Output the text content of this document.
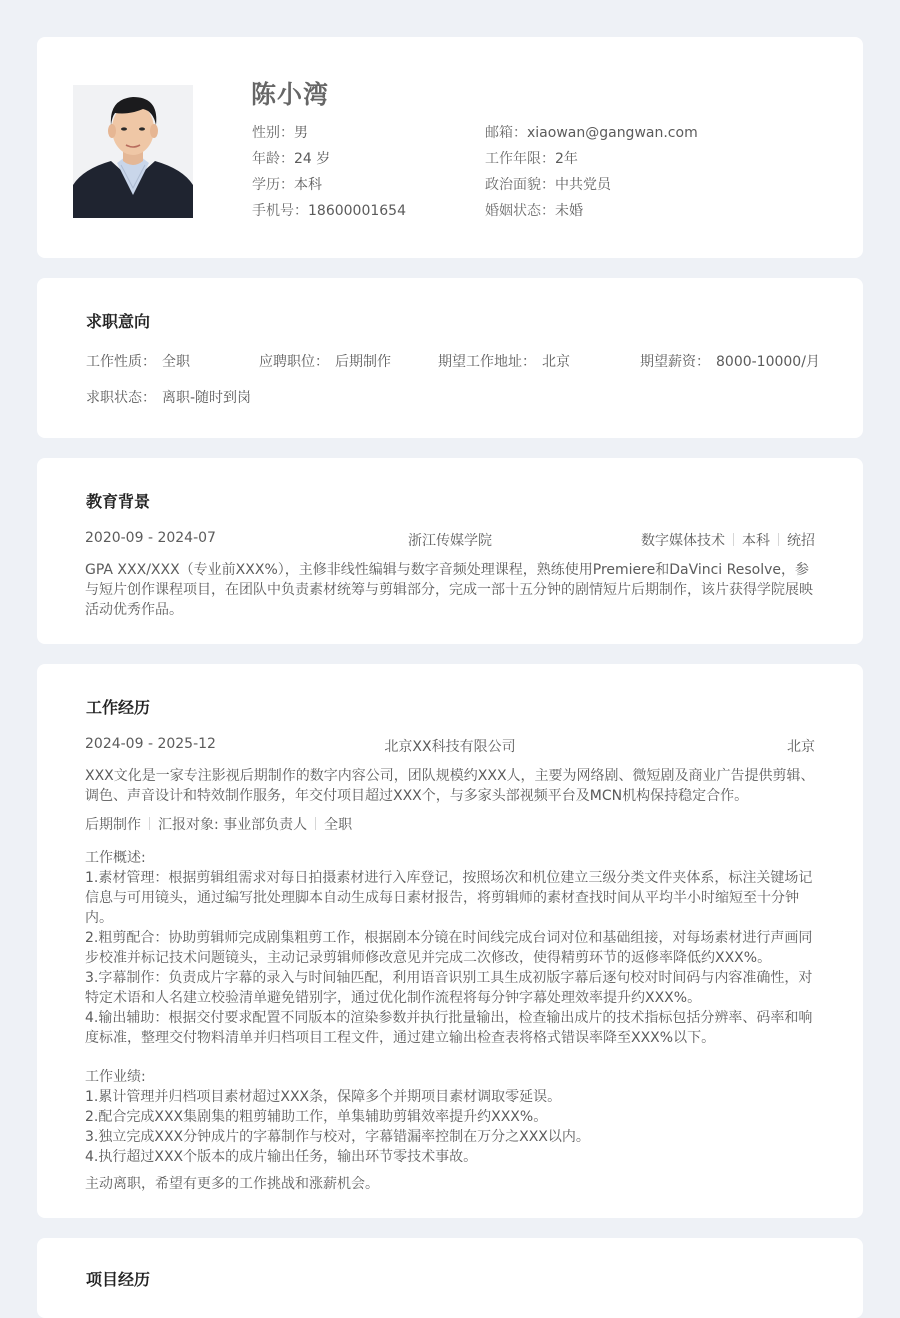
陈小湾
性别：男
年龄：24 岁
学历：本科
手机号：18600001654
邮箱：xiaowan@gangwan.com
工作年限：2年
政治面貌：中共党员
婚姻状态：未婚
求职意向
工作性质： 全职	应聘职位： 后期制作	期望工作地址： 北京	期望薪资： 8000-10000/月
求职状态： 离职-随时到岗
教育背景
2020-09 - 2024-07	浙江传媒学院	数字媒体技术 本科 统招
GPA XXX/XXX（专业前XXX%），主修非线性编辑与数字音频处理课程，熟练使用Premiere和DaVinci Resolve，参与短片创作课程项目，在团队中负责素材统筹与剪辑部分，完成一部十五分钟的剧情短片后期制作，该片获得学院展映活动优秀作品。
工作经历
2024-09 - 2025-12	北京XX科技有限公司	北京
XXX文化是一家专注影视后期制作的数字内容公司，团队规模约XXX人，主要为网络剧、微短剧及商业广告提供剪辑、调色、声音设计和特效制作服务，年交付项目超过XXX个，与多家头部视频平台及MCN机构保持稳定合作。
后期制作 汇报对象: 事业部负责人 全职
工作概述:
1.素材管理：根据剪辑组需求对每日拍摄素材进行入库登记，按照场次和机位建立三级分类文件夹体系，标注关键场记信息与可用镜头，通过编写批处理脚本自动生成每日素材报告，将剪辑师的素材查找时间从平均半小时缩短至十分钟内。
2.粗剪配合：协助剪辑师完成剧集粗剪工作，根据剧本分镜在时间线完成台词对位和基础组接，对每场素材进行声画同步校准并标记技术问题镜头，主动记录剪辑师修改意见并完成二次修改，使得精剪环节的返修率降低约XXX%。
3.字幕制作：负责成片字幕的录入与时间轴匹配，利用语音识别工具生成初版字幕后逐句校对时间码与内容准确性，对特定术语和人名建立校验清单避免错别字，通过优化制作流程将每分钟字幕处理效率提升约XXX%。
4.输出辅助：根据交付要求配置不同版本的渲染参数并执行批量输出，检查输出成片的技术指标包括分辨率、码率和响度标准，整理交付物料清单并归档项目工程文件，通过建立输出检查表将格式错误率降至XXX%以下。
工作业绩:
1.累计管理并归档项目素材超过XXX条，保障多个并期项目素材调取零延误。
2.配合完成XXX集剧集的粗剪辅助工作，单集辅助剪辑效率提升约XXX%。
3.独立完成XXX分钟成片的字幕制作与校对，字幕错漏率控制在万分之XXX以内。
4.执行超过XXX个版本的成片输出任务，输出环节零技术事故。
主动离职，希望有更多的工作挑战和涨薪机会。
项目经历
